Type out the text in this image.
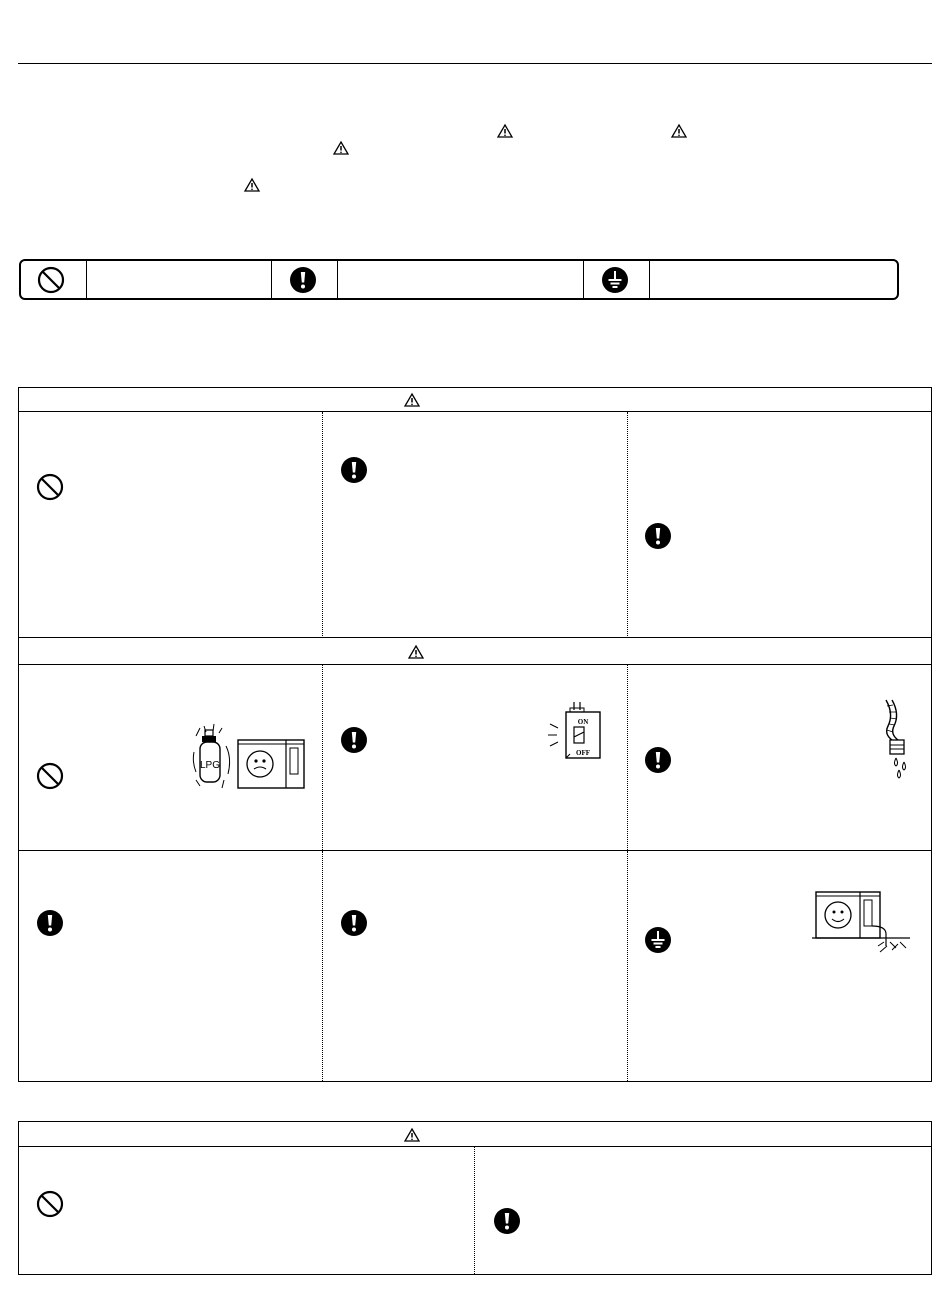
LPG
ON
OFF
